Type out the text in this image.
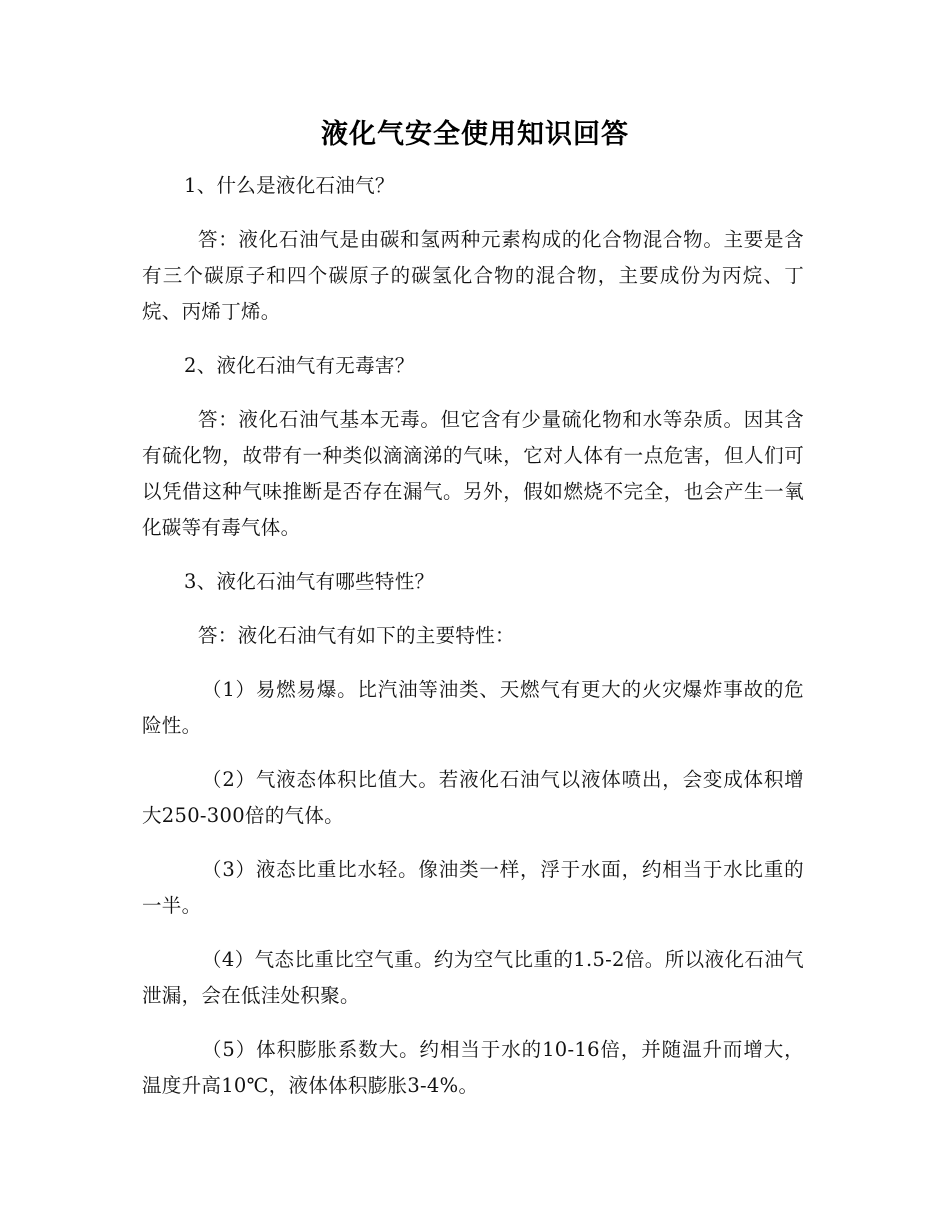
液化气安全使用知识回答

1、什么是液化石油气？

答：液化石油气是由碳和氢两种元素构成的化合物混合物。主要是含有三个碳原子和四个碳原子的碳氢化合物的混合物，主要成份为丙烷、丁烷、丙烯丁烯。

2、液化石油气有无毒害？

答：液化石油气基本无毒。但它含有少量硫化物和水等杂质。因其含有硫化物，故带有一种类似滴滴涕的气味，它对人体有一点危害，但人们可以凭借这种气味推断是否存在漏气。另外，假如燃烧不完全，也会产生一氧化碳等有毒气体。

3、液化石油气有哪些特性？

答：液化石油气有如下的主要特性：

（1）易燃易爆。比汽油等油类、天燃气有更大的火灾爆炸事故的危险性。

（2）气液态体积比值大。若液化石油气以液体喷出，会变成体积增大250-300倍的气体。

（3）液态比重比水轻。像油类一样，浮于水面，约相当于水比重的一半。

（4）气态比重比空气重。约为空气比重的1.5-2倍。所以液化石油气泄漏，会在低洼处积聚。

（5）体积膨胀系数大。约相当于水的10-16倍，并随温升而增大，温度升高10℃，液体体积膨胀3-4%。
